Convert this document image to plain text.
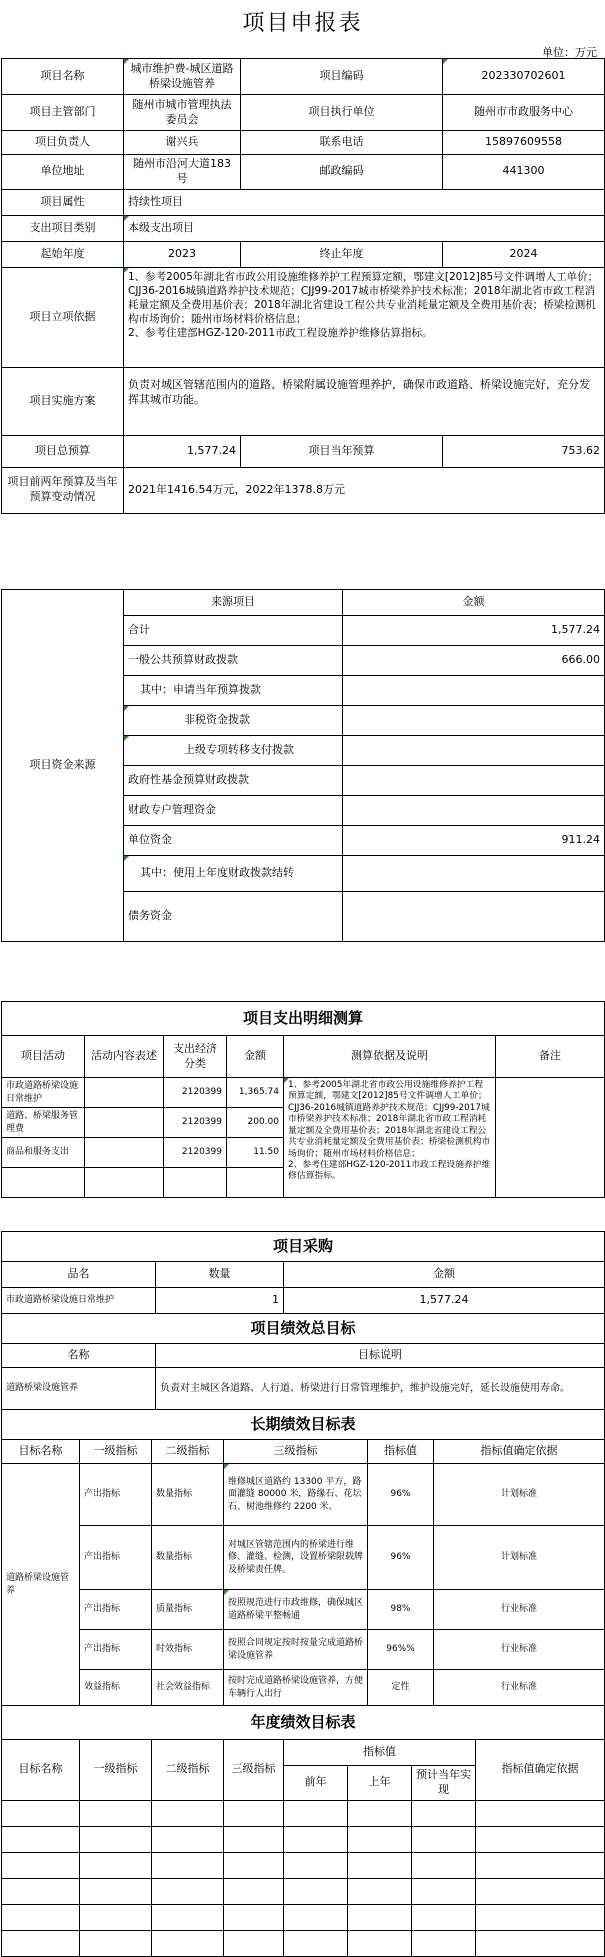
项目申报表
单位：万元
项目名称	城市维护费-城区道路桥梁设施管养	项目编码	202330702601
项目主管部门	随州市城市管理执法委员会	项目执行单位	随州市市政服务中心
项目负责人	谢兴兵	联系电话	15897609558
单位地址	随州市沿河大道183号	邮政编码	441300
项目属性	持续性项目		
支出项目类别	本级支出项目		
起始年度	2023	终止年度	2024
项目立项依据	1、参考2005年湖北省市政公用设施维修养护工程预算定额，鄂建文[2012]85号文件调增人工单价；CJJ36-2016城镇道路养护技术规范；CJJ99-2017城市桥梁养护技术标准；2018年湖北省市政工程消耗量定额及全费用基价表；2018年湖北省建设工程公共专业消耗量定额及全费用基价表；桥梁检测机构市场询价；随州市场材料价格信息；
2、参考住建部HGZ-120-2011市政工程设施养护维修估算指标。		
项目实施方案	负责对城区管辖范围内的道路、桥梁附属设施管理养护，确保市政道路、桥梁设施完好，充分发挥其城市功能。		
项目总预算	1,577.24	项目当年预算	753.62
项目前两年预算及当年预算变动情况	2021年1416.54万元，2022年1378.8万元		
项目资金来源	来源项目	金额
	合计	1,577.24
	一般公共预算财政拨款	666.00
	其中：申请当年预算拨款	
	非税资金拨款	
	上级专项转移支付拨款	
	政府性基金预算财政拨款	
	财政专户管理资金	
	单位资金	911.24
	其中：使用上年度财政拨款结转	
	债务资金	
项目支出明细测算					
项目活动	活动内容表述	支出经济分类	金额	测算依据及说明	备注
市政道路桥梁设施日常维护		2120399	1,365.74	1、参考2005年湖北省市政公用设施维修养护工程预算定额，鄂建文[2012]85号文件调增人工单价；CJJ36-2016城镇道路养护技术规范；CJJ99-2017城市桥梁养护技术标准；2018年湖北省市政工程消耗量定额及全费用基价表；2018年湖北省建设工程公共专业消耗量定额及全费用基价表；桥梁检测机构市场询价；随州市场材料价格信息；
2、参考住建部HGZ-120-2011市政工程设施养护维修估算指标。	
道路、桥梁服务管理费		2120399	200.00		
商品和服务支出		2120399	11.50		

项目采购		
品名	数量	金额
市政道路桥梁设施日常维护	1	1,577.24
项目绩效总目标	
名称	目标说明
道路桥梁设施管养	负责对主城区各道路、人行道、桥梁进行日常管理维护，维护设施完好，延长设施使用寿命。
长期绩效目标表					
目标名称	一级指标	二级指标	三级指标	指标值	指标值确定依据
道路桥梁设施管养	产出指标	数量指标	维修城区道路约 13300 平方，路面灌缝 80000 米，路缘石、花坛石、树池维修约 2200 米。	96%	计划标准
	产出指标	数量指标	对城区管辖范围内的桥梁进行维修、灌缝、检测，设置桥梁限载牌及桥梁责任牌。	96%	计划标准
	产出指标	质量指标	按照规范进行市政维修，确保城区道路桥梁平整畅通	98%	行业标准
	产出指标	时效指标	按照合同规定按时按量完成道路桥梁设施管养	96%%	行业标准
	效益指标	社会效益指标	按时完成道路桥梁设施管养，方便车辆行人出行	定性	行业标准
年度绩效目标表							
目标名称	一级指标	二级指标	三级指标	指标值			指标值确定依据
				前年	上年	预计当年实现	
